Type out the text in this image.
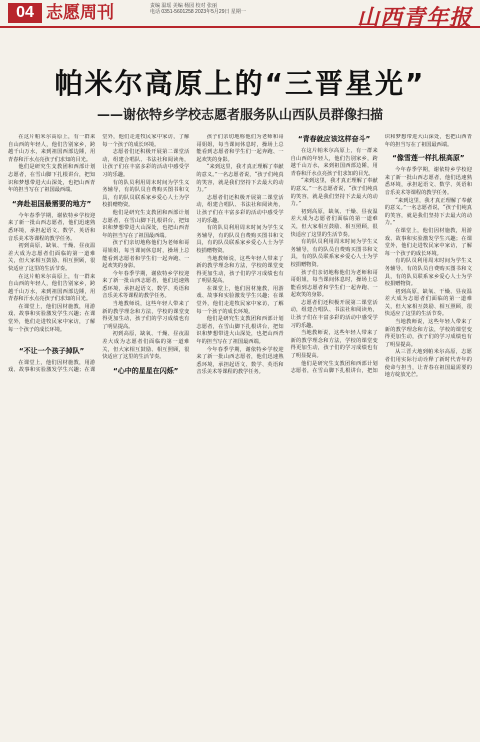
04 志愿周刊	责编 温瑶 美编 杨园 校对 张丽
电话 0351-5601258 2023年5月29日 星期一	山西青年报
帕米尔高原上的“三晋星光”
——谢依特乡学校志愿者服务队山西队员群像扫描

在这片帕米尔高原上，有一群来自山西的年轻人，他们告别家乡，跨越千山万水，来到祖国西部边陲，用青春和汗水点亮孩子们求知的目光。

他们是研究生支教团和西部计划志愿者，在雪山脚下扎根讲台，把知识和梦想带进大山深处，也把山西青年的担当写在了祖国最西端。

“奔赴祖国最需要的地方”

今年春季学期，谢依特乡学校迎来了新一批山西志愿者，他们迅速熟悉环境，承担起语文、数学、英语和音乐美术等课程的教学任务。

初到高原，缺氧、干燥、昼夜温差大成为志愿者们面临的第一道难关，但大家相互鼓励、相互照顾，很快适应了这里的生活节奏。

在这片帕米尔高原上，有一群来自山西的年轻人，他们告别家乡，跨越千山万水，来到祖国西部边陲，用青春和汗水点亮孩子们求知的目光。

在课堂上，他们因材施教，用游戏、故事和实验激发学生兴趣；在课堂外，他们走进牧民家中家访，了解每一个孩子的成长环境。

“不让一个孩子掉队”

在课堂上，他们因材施教，用游戏、故事和实验激发学生兴趣；在课堂外，他们走进牧民家中家访，了解每一个孩子的成长环境。

志愿者们还积极开展第二课堂活动，组建合唱队、书法社和阅读角，让孩子们在丰富多彩的活动中感受学习的乐趣。

有的队员利用周末时间为学生义务辅导，有的队员自费购买图书和文具，有的队员联系家乡爱心人士为学校捐赠物资。

他们是研究生支教团和西部计划志愿者，在雪山脚下扎根讲台，把知识和梦想带进大山深处，也把山西青年的担当写在了祖国最西端。

孩子们亲切地称他们为老师和哥哥姐姐，每当课间休息时，操场上总能看到志愿者和学生们一起奔跑、一起欢笑的身影。

今年春季学期，谢依特乡学校迎来了新一批山西志愿者，他们迅速熟悉环境，承担起语文、数学、英语和音乐美术等课程的教学任务。

当地教师说，这些年轻人带来了新的教学理念和方法，学校的课堂变得更加生动，孩子们的学习成绩也有了明显提高。

初到高原，缺氧、干燥、昼夜温差大成为志愿者们面临的第一道难关，但大家相互鼓励、相互照顾，很快适应了这里的生活节奏。

“心中的星星在闪烁”

孩子们亲切地称他们为老师和哥哥姐姐，每当课间休息时，操场上总能看到志愿者和学生们一起奔跑、一起欢笑的身影。

“来到这里，我才真正理解了奉献的意义。”一名志愿者说，“孩子们纯真的笑容，就是我们坚持下去最大的动力。”

志愿者们还积极开展第二课堂活动，组建合唱队、书法社和阅读角，让孩子们在丰富多彩的活动中感受学习的乐趣。

有的队员利用周末时间为学生义务辅导，有的队员自费购买图书和文具，有的队员联系家乡爱心人士为学校捐赠物资。

当地教师说，这些年轻人带来了新的教学理念和方法，学校的课堂变得更加生动，孩子们的学习成绩也有了明显提高。

在课堂上，他们因材施教，用游戏、故事和实验激发学生兴趣；在课堂外，他们走进牧民家中家访，了解每一个孩子的成长环境。

他们是研究生支教团和西部计划志愿者，在雪山脚下扎根讲台，把知识和梦想带进大山深处，也把山西青年的担当写在了祖国最西端。

今年春季学期，谢依特乡学校迎来了新一批山西志愿者，他们迅速熟悉环境，承担起语文、数学、英语和音乐美术等课程的教学任务。

“青春就应该这样奋斗”

在这片帕米尔高原上，有一群来自山西的年轻人，他们告别家乡，跨越千山万水，来到祖国西部边陲，用青春和汗水点亮孩子们求知的目光。

“来到这里，我才真正理解了奉献的意义。”一名志愿者说，“孩子们纯真的笑容，就是我们坚持下去最大的动力。”

初到高原，缺氧、干燥、昼夜温差大成为志愿者们面临的第一道难关，但大家相互鼓励、相互照顾，很快适应了这里的生活节奏。

有的队员利用周末时间为学生义务辅导，有的队员自费购买图书和文具，有的队员联系家乡爱心人士为学校捐赠物资。

孩子们亲切地称他们为老师和哥哥姐姐，每当课间休息时，操场上总能看到志愿者和学生们一起奔跑、一起欢笑的身影。

志愿者们还积极开展第二课堂活动，组建合唱队、书法社和阅读角，让孩子们在丰富多彩的活动中感受学习的乐趣。

当地教师说，这些年轻人带来了新的教学理念和方法，学校的课堂变得更加生动，孩子们的学习成绩也有了明显提高。

他们是研究生支教团和西部计划志愿者，在雪山脚下扎根讲台，把知识和梦想带进大山深处，也把山西青年的担当写在了祖国最西端。

“像雪莲一样扎根高原”

今年春季学期，谢依特乡学校迎来了新一批山西志愿者，他们迅速熟悉环境，承担起语文、数学、英语和音乐美术等课程的教学任务。

“来到这里，我才真正理解了奉献的意义。”一名志愿者说，“孩子们纯真的笑容，就是我们坚持下去最大的动力。”

在课堂上，他们因材施教，用游戏、故事和实验激发学生兴趣；在课堂外，他们走进牧民家中家访，了解每一个孩子的成长环境。

有的队员利用周末时间为学生义务辅导，有的队员自费购买图书和文具，有的队员联系家乡爱心人士为学校捐赠物资。

初到高原，缺氧、干燥、昼夜温差大成为志愿者们面临的第一道难关，但大家相互鼓励、相互照顾，很快适应了这里的生活节奏。

当地教师说，这些年轻人带来了新的教学理念和方法，学校的课堂变得更加生动，孩子们的学习成绩也有了明显提高。

从三晋大地到帕米尔高原，志愿者们用实际行动诠释了新时代青年的使命与担当，让青春在祖国最需要的地方绽放光芒。
